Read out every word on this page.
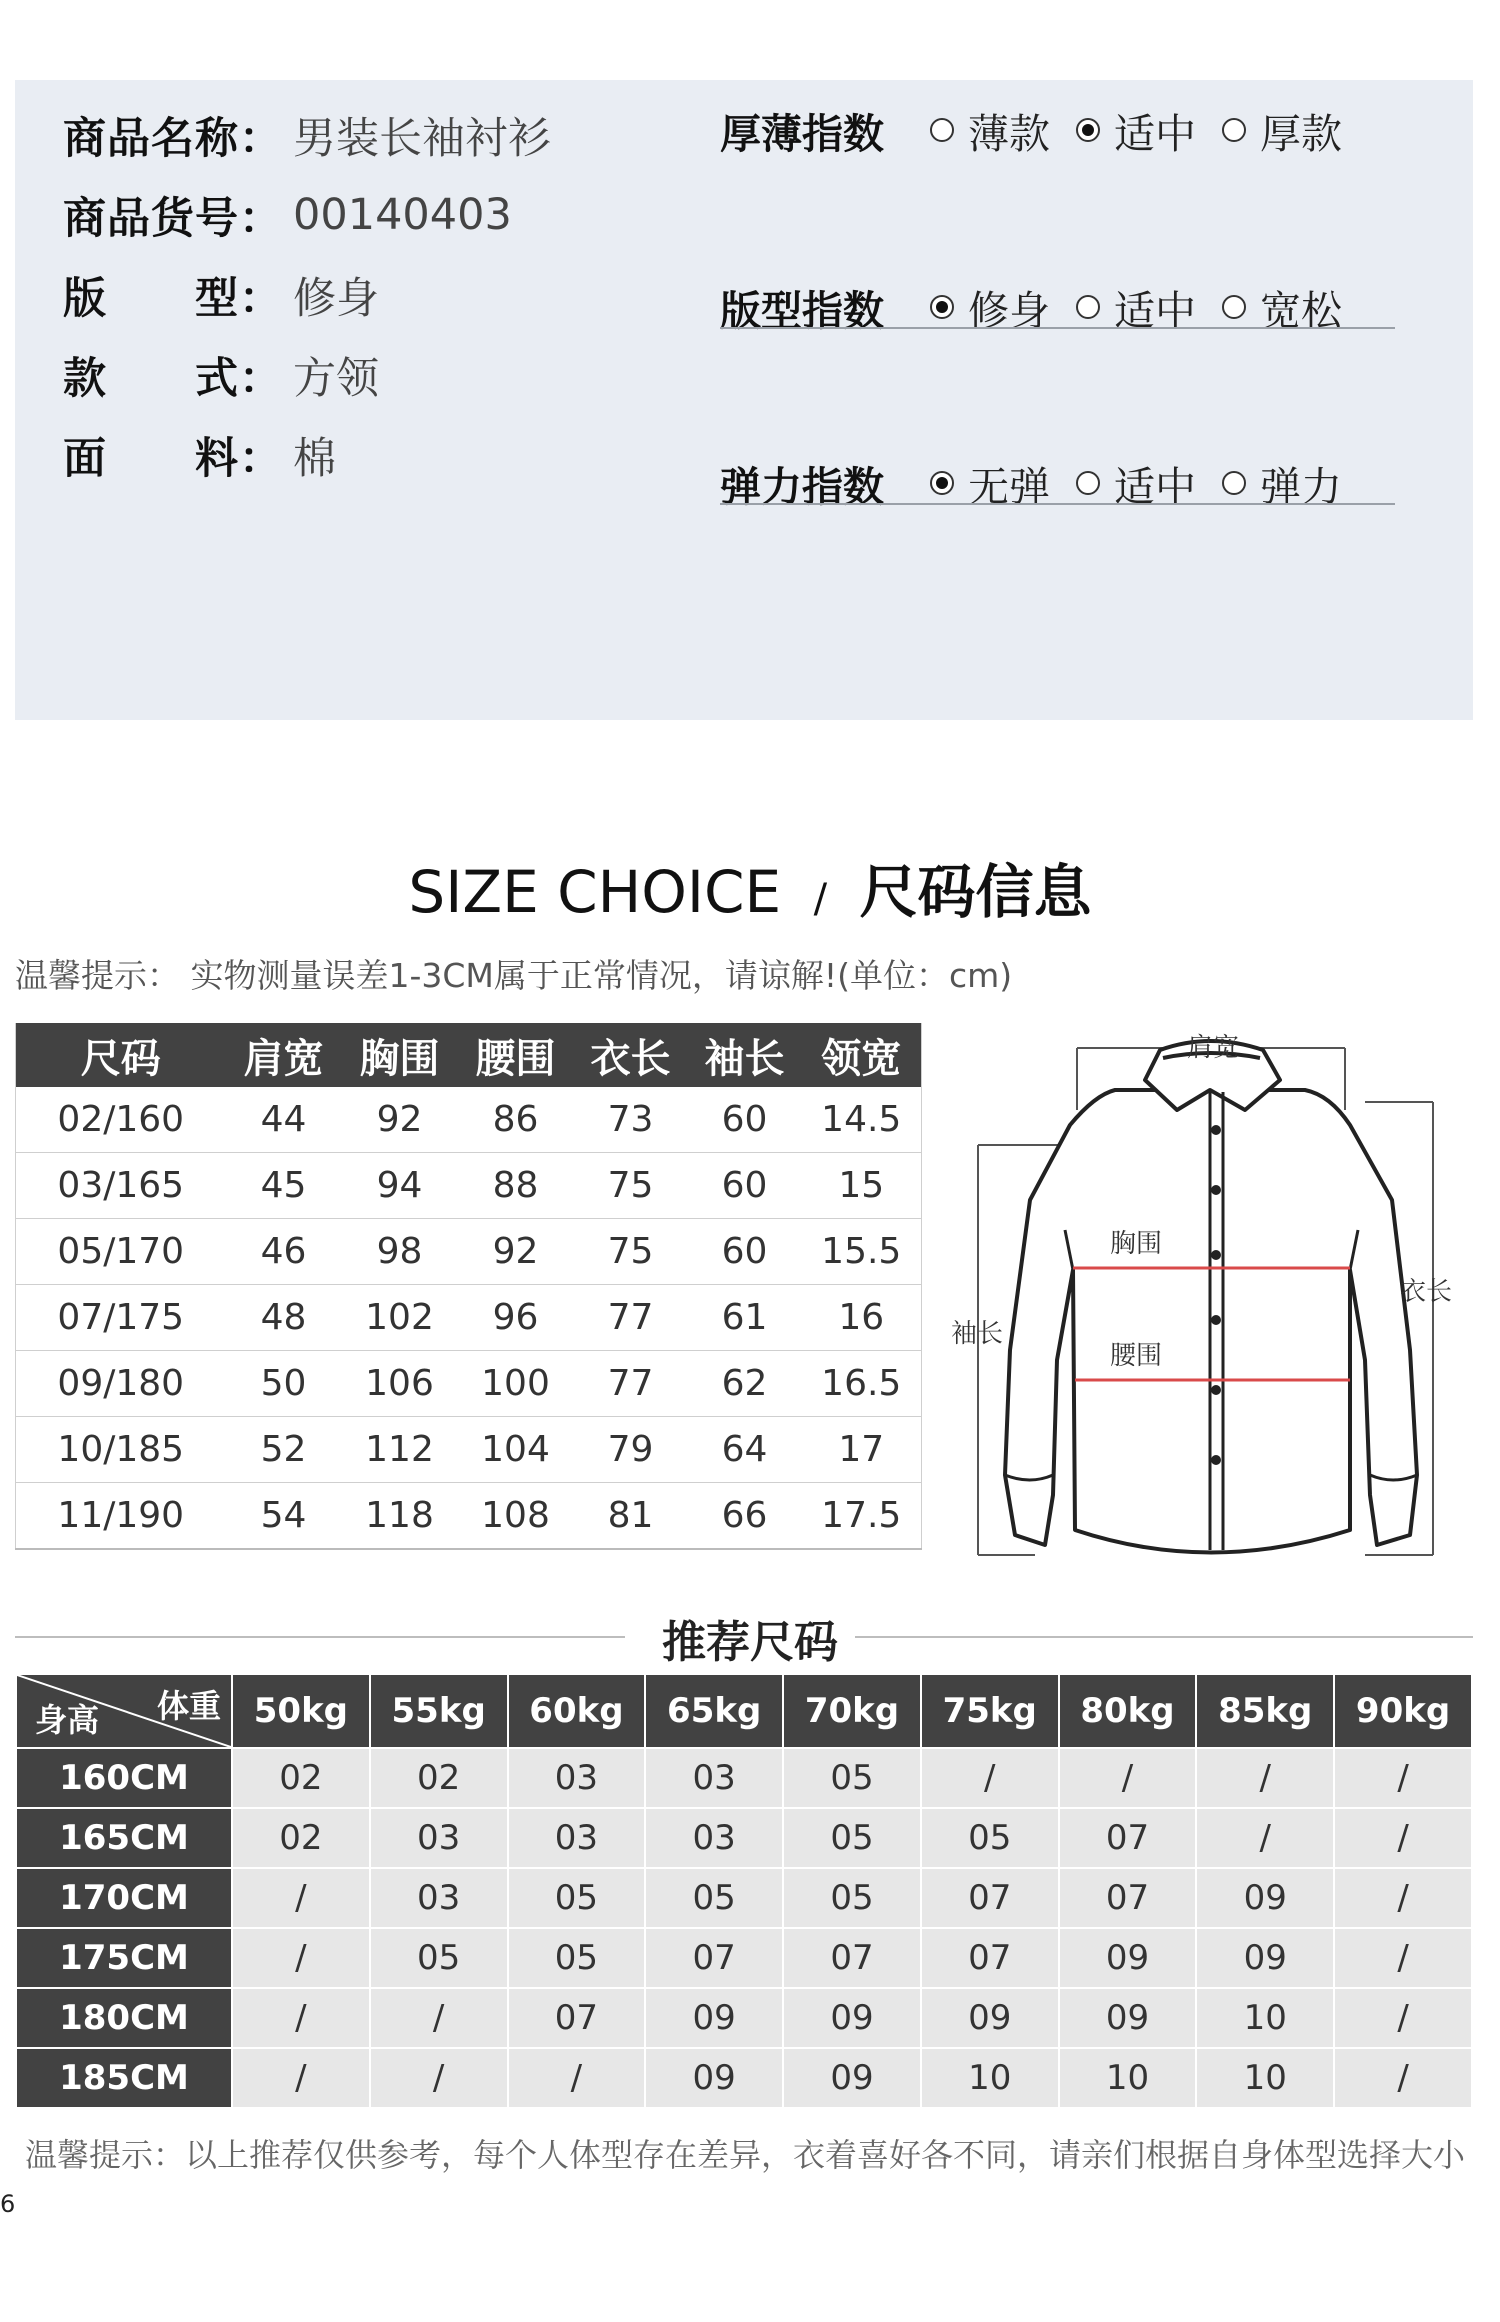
商品名称： 男装长袖衬衫
商品货号： 00140403
版　　型： 修身
款　　式： 方领
面　　料： 棉
厚薄指数	薄款 适中 厚款
版型指数	修身 适中 宽松
弹力指数	无弹 适中 弹力
SIZE CHOICE / 尺码信息
温馨提示： 实物测量误差1-3CM属于正常情况，请谅解!(单位：cm)
尺码	肩宽	胸围	腰围	衣长	袖长	领宽
02/160	44	92	86	73	60	14.5
03/165	45	94	88	75	60	15
05/170	46	98	92	75	60	15.5
07/175	48	102	96	77	61	16
09/180	50	106	100	77	62	16.5
10/185	52	112	104	79	64	17
11/190	54	118	108	81	66	17.5
肩宽
胸围
腰围
袖长
衣长
推荐尺码
体重
身高	50kg	55kg	60kg	65kg	70kg	75kg	80kg	85kg	90kg
160CM	02	02	03	03	05	/	/	/	/
165CM	02	03	03	03	05	05	07	/	/
170CM	/	03	05	05	05	07	07	09	/
175CM	/	05	05	07	07	07	09	09	/
180CM	/	/	07	09	09	09	09	10	/
185CM	/	/	/	09	09	10	10	10	/
温馨提示：以上推荐仅供参考，每个人体型存在差异，衣着喜好各不同，请亲们根据自身体型选择大小
6
